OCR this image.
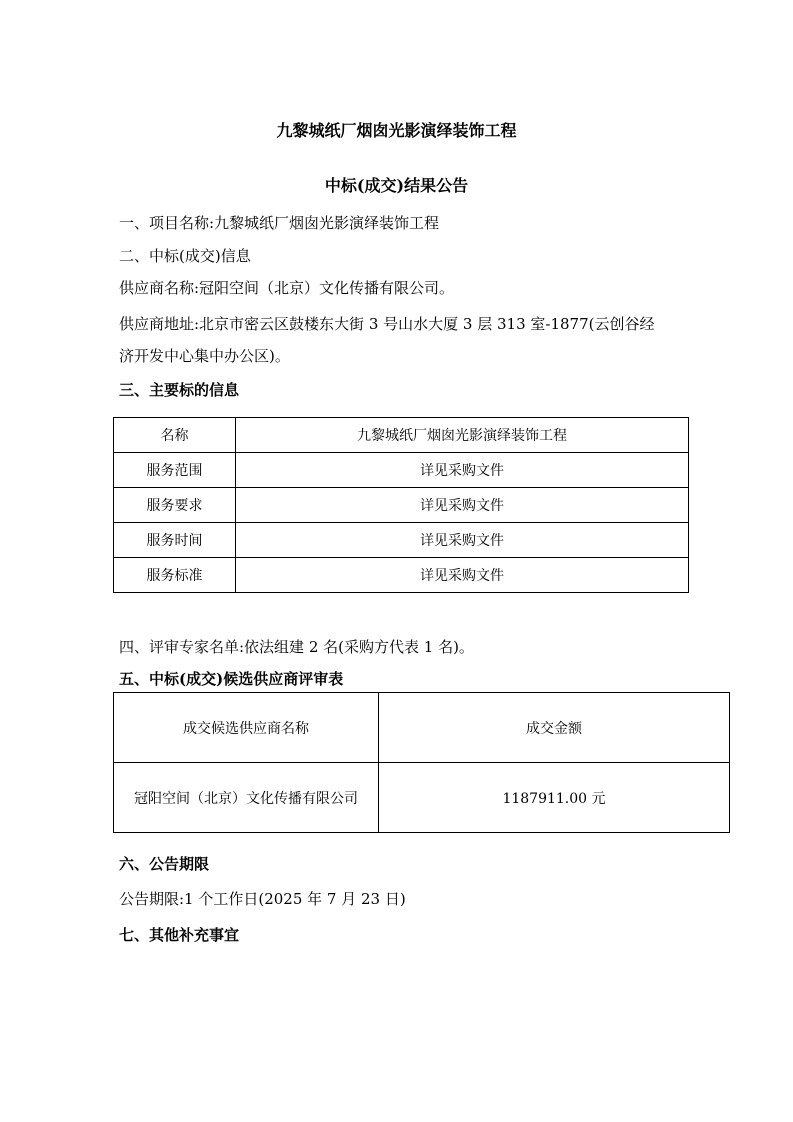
九黎城纸厂烟囱光影演绎装饰工程
中标(成交)结果公告
一、项目名称:九黎城纸厂烟囱光影演绎装饰工程
二、中标(成交)信息
供应商名称:冠阳空间（北京）文化传播有限公司。
供应商地址:北京市密云区鼓楼东大街 3 号山水大厦 3 层 313 室-1877(云创谷经
济开发中心集中办公区)。
三、主要标的信息
名称	九黎城纸厂烟囱光影演绎装饰工程
服务范围	详见采购文件
服务要求	详见采购文件
服务时间	详见采购文件
服务标准	详见采购文件
四、评审专家名单:依法组建 2 名(采购方代表 1 名)。
五、中标(成交)候选供应商评审表
成交候选供应商名称	成交金额
冠阳空间（北京）文化传播有限公司	1187911.00 元
六、公告期限
公告期限:1 个工作日(2025 年 7 月 23 日)
七、其他补充事宜
